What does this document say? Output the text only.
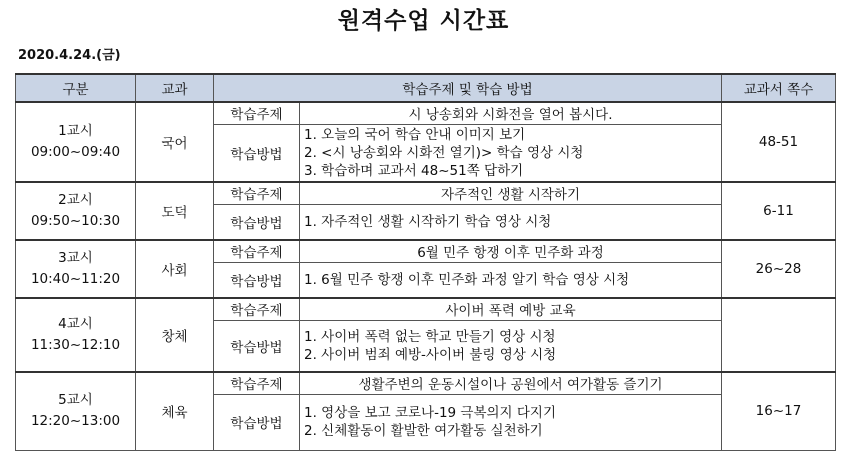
원격수업 시간표
2020.4.24.(금)
구분	교과	학습주제 및 학습 방법		교과서 쪽수

1교시
09:00~09:40	국어	학습주제	시 낭송회와 시화전을 열어 봅시다.	48-51
		학습방법	1. 오늘의 국어 학습 안내 이미지 보기
2. <시 낭송회와 시화전 열기)> 학습 영상 시청
3. 학습하며 교과서 48~51쪽 답하기	

2교시
09:50~10:30	도덕	학습주제	자주적인 생활 시작하기	6-11
		학습방법	1. 자주적인 생활 시작하기 학습 영상 시청	

3교시
10:40~11:20	사회	학습주제	6월 민주 항쟁 이후 민주화 과정	26~28
		학습방법	1. 6월 민주 항쟁 이후 민주화 과정 알기 학습 영상 시청	

4교시
11:30~12:10	창체	학습주제	사이버 폭력 예방 교육	
		학습방법	1. 사이버 폭력 없는 학교 만들기 영상 시청
2. 사이버 범죄 예방-사이버 불링 영상 시청	

5교시
12:20~13:00	체육	학습주제	생활주변의 운동시설이나 공원에서 여가활동 즐기기	16~17
		학습방법	1. 영상을 보고 코로나-19 극복의지 다지기
2. 신체활동이 활발한 여가활동 실천하기	
